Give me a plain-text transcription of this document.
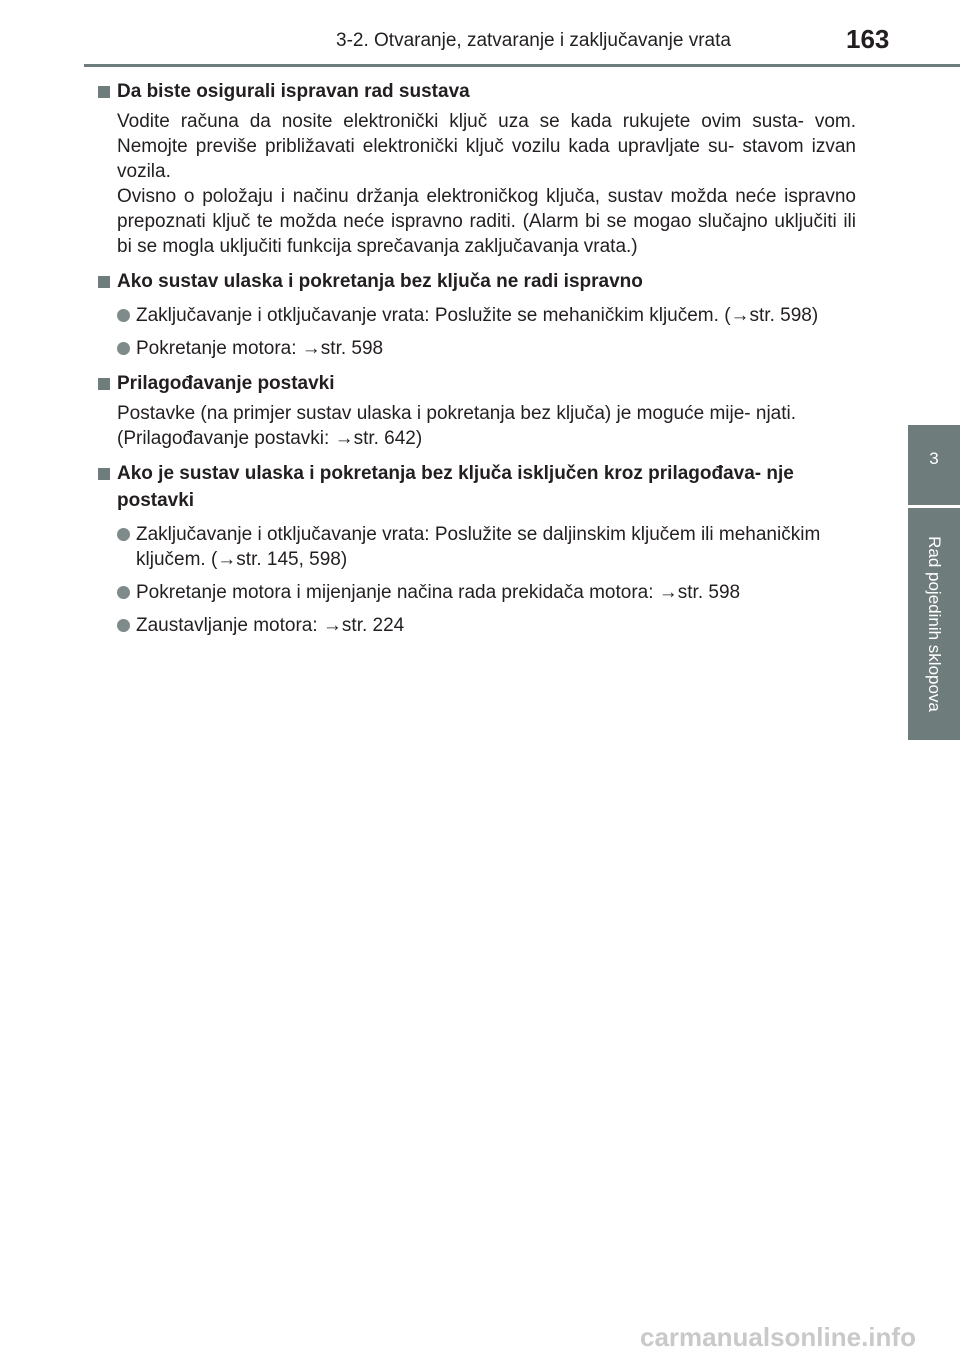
3-2. Otvaranje, zatvaranje i zaključavanje vrata	163
3
Rad pojedinih sklopova
Da biste osigurali ispravan rad sustava
Vodite računa da nosite elektronički ključ uza se kada rukujete ovim susta- vom. Nemojte previše približavati elektronički ključ vozilu kada upravljate su- stavom izvan vozila.
Ovisno o položaju i načinu držanja elektroničkog ključa, sustav možda neće ispravno prepoznati ključ te možda neće ispravno raditi. (Alarm bi se mogao slučajno uključiti ili bi se mogla uključiti funkcija sprečavanja zaključavanja vrata.)
Ako sustav ulaska i pokretanja bez ključa ne radi ispravno
Zaključavanje i otključavanje vrata: Poslužite se mehaničkim ključem. (→str. 598)
Pokretanje motora: →str. 598
Prilagođavanje postavki
Postavke (na primjer sustav ulaska i pokretanja bez ključa) je moguće mije- njati.
(Prilagođavanje postavki: →str. 642)
Ako je sustav ulaska i pokretanja bez ključa isključen kroz prilagođava- nje postavki
Zaključavanje i otključavanje vrata: Poslužite se daljinskim ključem ili mehaničkim ključem. (→str. 145, 598)
Pokretanje motora i mijenjanje načina rada prekidača motora: →str. 598
Zaustavljanje motora: →str. 224
carmanualsonline.info
